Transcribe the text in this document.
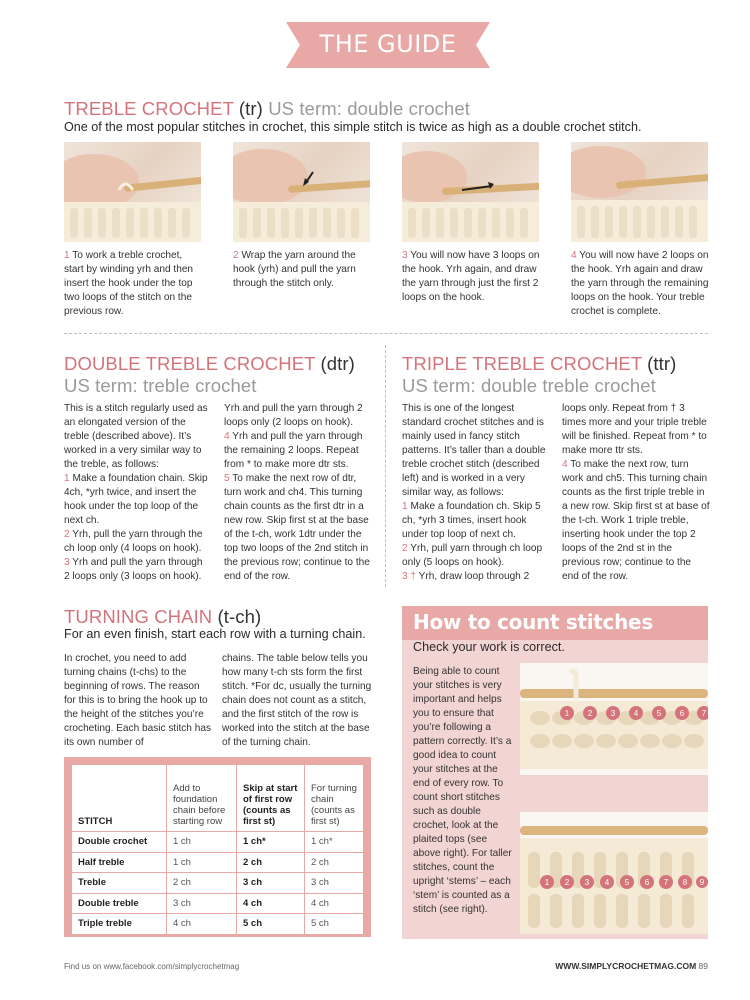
THE GUIDE
TREBLE CROCHET (tr) US term: double crochet
One of the most popular stitches in crochet, this simple stitch is twice as high as a double crochet stitch.
1 To work a treble crochet, start by winding yrh and then insert the hook under the top two loops of the stitch on the previous row.
2 Wrap the yarn around the hook (yrh) and pull the yarn through the stitch only.
3 You will now have 3 loops on the hook. Yrh again, and draw the yarn through just the first 2 loops on the hook.
4 You will now have 2 loops on the hook. Yrh again and draw the yarn through the remaining loops on the hook. Your treble crochet is complete.
DOUBLE TREBLE CROCHET (dtr)
US term: treble crochet
This is a stitch regularly used as an elongated version of the treble (described above). It’s worked in a very similar way to the treble, as follows:
1 Make a foundation chain. Skip 4ch, *yrh twice, and insert the hook under the top loop of the next ch.
2 Yrh, pull the yarn through the ch loop only (4 loops on hook).
3 Yrh and pull the yarn through 2 loops only (3 loops on hook).
Yrh and pull the yarn through 2 loops only (2 loops on hook).
4 Yrh and pull the yarn through the remaining 2 loops. Repeat from * to make more dtr sts.
5 To make the next row of dtr, turn work and ch4. This turning chain counts as the first dtr in a new row. Skip first st at the base of the t-ch, work 1dtr under the top two loops of the 2nd stitch in the previous row; continue to the end of the row.
TRIPLE TREBLE CROCHET (ttr)
US term: double treble crochet
This is one of the longest standard crochet stitches and is mainly used in fancy stitch patterns. It’s taller than a double treble crochet stitch (described left) and is worked in a very similar way, as follows:
1 Make a foundation ch. Skip 5 ch, *yrh 3 times, insert hook under top loop of next ch.
2 Yrh, pull yarn through ch loop only (5 loops on hook).
3 † Yrh, draw loop through 2
loops only. Repeat from † 3 times more and your triple treble will be finished. Repeat from * to make more ttr sts.
4 To make the next row, turn work and ch5. This turning chain counts as the first triple treble in a new row. Skip first st at base of the t-ch. Work 1 triple treble, inserting hook under the top 2 loops of the 2nd st in the previous row; continue to the end of the row.
TURNING CHAIN (t-ch)
For an even finish, start each row with a turning chain.
In crochet, you need to add turning chains (t-chs) to the beginning of rows. The reason for this is to bring the hook up to the height of the stitches you’re crocheting. Each basic stitch has its own number of
chains. The table below tells you how many t-ch sts form the first stitch. *For dc, usually the turning chain does not count as a stitch, and the first stitch of the row is worked into the stitch at the base of the turning chain.
STITCH	Add to foundation chain before starting row	Skip at start of first row (counts as first st)	For turning chain (counts as first st)
Double crochet	1 ch	1 ch*	1 ch*
Half treble	1 ch	2 ch	2 ch
Treble	2 ch	3 ch	3 ch
Double treble	3 ch	4 ch	4 ch
Triple treble	4 ch	5 ch	5 ch
How to count stitches
Check your work is correct.
Being able to count your stitches is very important and helps you to ensure that you’re following a pattern correctly. It’s a good idea to count your stitches at the end of every row. To count short stitches such as double crochet, look at the plaited tops (see above right). For taller stitches, count the upright ‘stems’ – each ‘stem’ is counted as a stitch (see right).
1 2 3 4 5 6 7
1 2 3 4 5 6 7 8 9
Find us on www.facebook.com/simplycrochetmag	WWW.SIMPLYCROCHETMAG.COM 89
